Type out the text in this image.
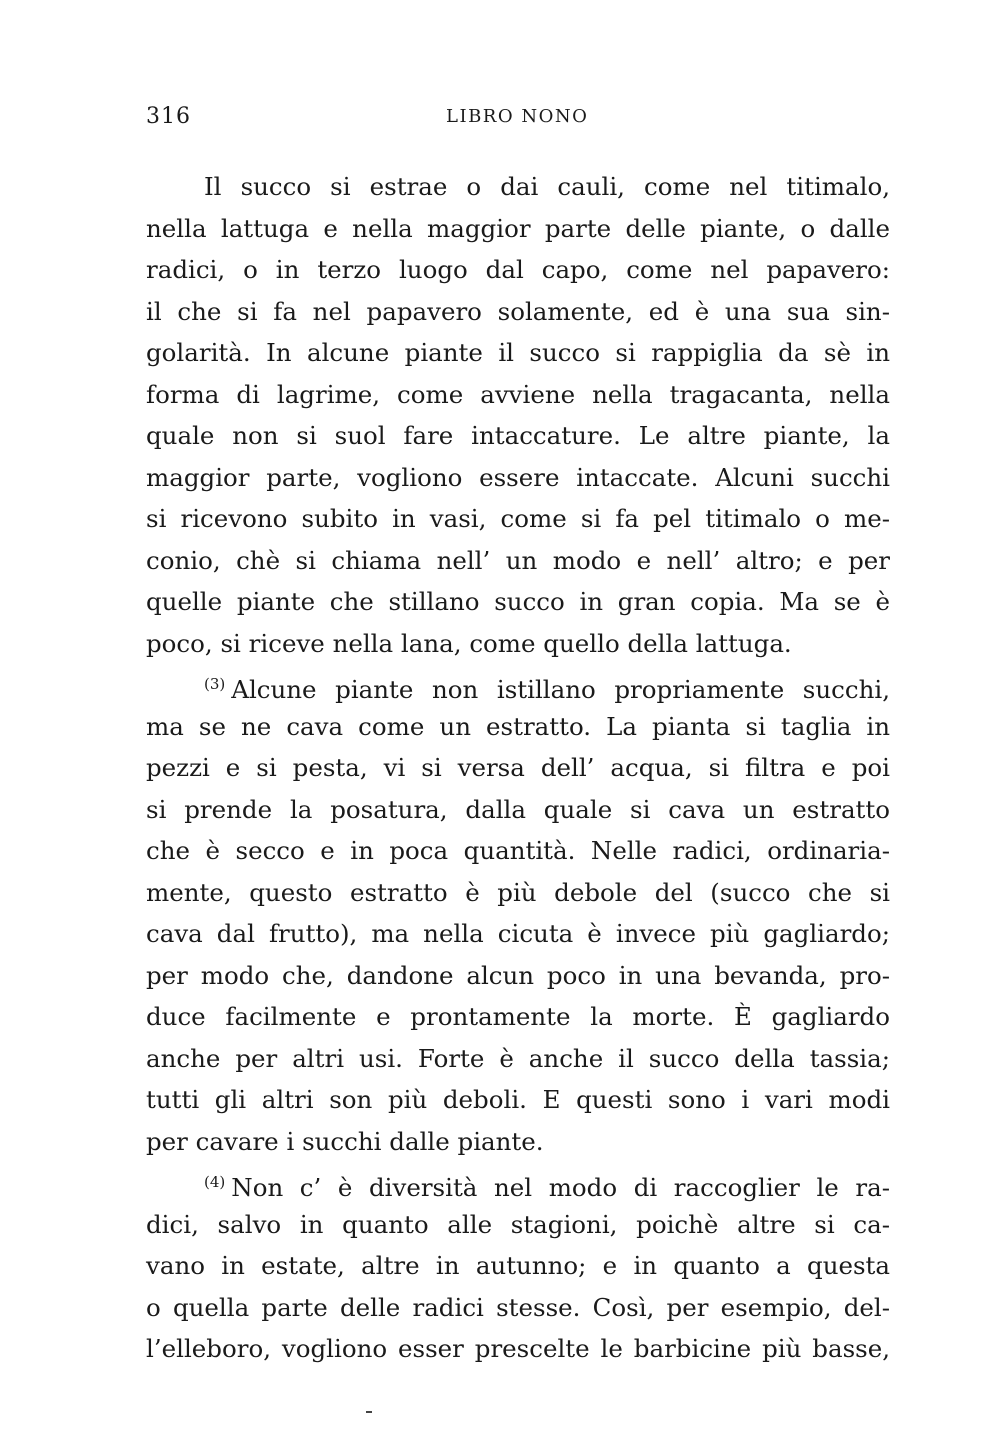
316	LIBRO NONO
Il succo si estrae o dai cauli, come nel titimalo,
nella lattuga e nella maggior parte delle piante, o dalle
radici, o in terzo luogo dal capo, come nel papavero:
il che si fa nel papavero solamente, ed è una sua sin-
golarità. In alcune piante il succo si rappiglia da sè in
forma di lagrime, come avviene nella tragacanta, nella
quale non si suol fare intaccature. Le altre piante, la
maggior parte, vogliono essere intaccate. Alcuni succhi
si ricevono subito in vasi, come si fa pel titimalo o me-
conio, chè si chiama nell’ un modo e nell’ altro; e per
quelle piante che stillano succo in gran copia. Ma se è
poco, si riceve nella lana, come quello della lattuga.
$^{(3)}$ Alcune piante non istillano propriamente succhi,
ma se ne cava come un estratto. La pianta si taglia in
pezzi e si pesta, vi si versa dell’ acqua, si filtra e poi
si prende la posatura, dalla quale si cava un estratto
che è secco e in poca quantità. Nelle radici, ordinaria-
mente, questo estratto è più debole del (succo che si
cava dal frutto), ma nella cicuta è invece più gagliardo;
per modo che, dandone alcun poco in una bevanda, pro-
duce facilmente e prontamente la morte. È gagliardo
anche per altri usi. Forte è anche il succo della tassia;
tutti gli altri son più deboli. E questi sono i vari modi
per cavare i succhi dalle piante.
$^{(4)}$ Non c’ è diversità nel modo di raccoglier le ra-
dici, salvo in quanto alle stagioni, poichè altre si ca-
vano in estate, altre in autunno; e in quanto a questa
o quella parte delle radici stesse. Così, per esempio, del-
l’elleboro, vogliono esser prescelte le barbicine più basse,
